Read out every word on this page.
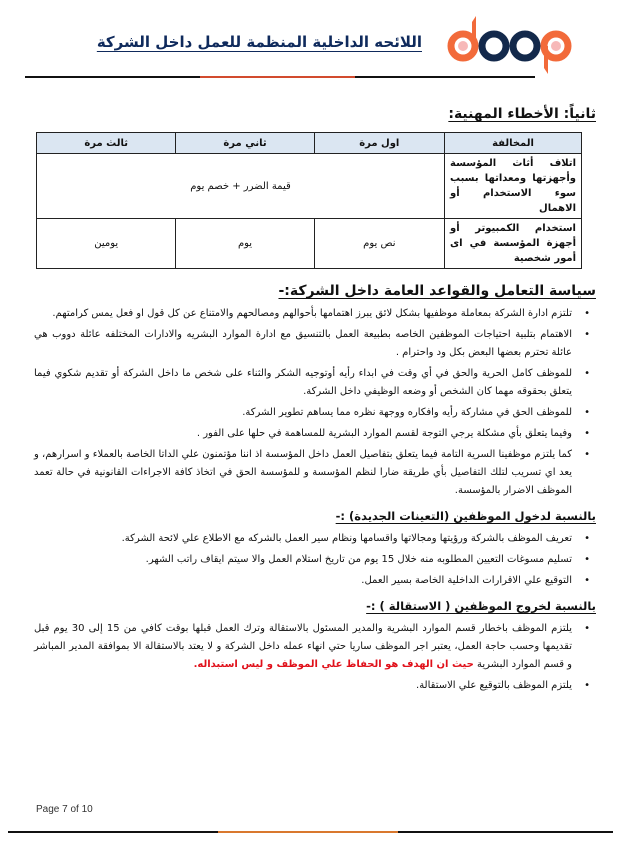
اللائحه الداخلية المنظمة للعمل داخل الشركة
ثانياً: الأخطاء المهنية:
المخالفة	اول مرة	ثاني مرة	ثالث مرة
اتلاف أثاث المؤسسة وأجهزتها ومعداتها بسبب سوء الاستخدام أو الاهمال	قيمة الضرر + خصم يوم		
استخدام الكمبيوتر أو أجهزة المؤسسة في اى أمور شخصية	نص يوم	يوم	يومين
سياسة التعامل والقواعد العامة داخل الشركة:-
• تلتزم ادارة الشركة بمعاملة موظفيها بشكل لائق يبرز اهتمامها بأحوالهم ومصالحهم والامتناع عن كل قول او فعل يمس كرامتهم.
• الاهتمام بتلبية احتياجات الموظفين الخاصه بطبيعة العمل بالتنسيق مع ادارة الموارد البشريه والادارات المختلفه عائلة دووب هي عائلة تحترم بعضها البعض بكل ود واحترام .
• للموظف كامل الحرية والحق في أي وقت في ابداء رأيه أوتوجيه الشكر والثناء على شخص ما داخل الشركة أو تقديم شكوي فيما يتعلق بحقوقه مهما كان الشخص أو وضعه الوظيفي داخل الشركة.
• للموظف الحق في مشاركة رأيه وافكاره ووجهة نظره مما يساهم تطوير الشركة.
• وفيما يتعلق بأي مشكلة يرجي التوجة لقسم الموارد البشرية للمساهمة في حلها على الفور .
• كما يلتزم موظفينا السرية التامة فيما يتعلق بتفاصيل العمل داخل المؤسسة اذ اننا مؤتمنون علي الداتا الخاصة بالعملاء و اسرارهم، و يعد اي تسريب لتلك التفاصيل بأي طريقة ضارا لنظم المؤسسة و للمؤسسة الحق في اتخاذ كافة الاجراءات القانونية في حالة تعمد الموظف الاضرار بالمؤسسة.
بالنسبة لدخول الموظفين (التعينات الجديدة) :-
• تعريف الموظف بالشركة ورؤيتها ومجالاتها واقسامها ونظام سير العمل بالشركه مع الاطلاع علي لائحة الشركة.
• تسليم مسوغات التعيين المطلوبه منه خلال 15 يوم من تاريخ استلام العمل والا سيتم ايقاف راتب الشهر.
• التوقيع علي الاقرارات الداخلية الخاصة بسير العمل.
بالنسبة لخروج الموظفين ( الاستقالة ) :-
• يلتزم الموظف باخطار قسم الموارد البشرية والمدير المسئول بالاستقالة وترك العمل قبلها بوقت كافي من 15 إلى 30 يوم قبل تقديمها وحسب حاجة العمل، يعتبر اجر الموظف ساريا حتي انهاء عمله داخل الشركة و لا يعتد بالاستقالة الا بموافقة المدير المباشر و قسم الموارد البشرية حيث ان الهدف هو الحفاظ علي الموظف و ليس استبداله.
• يلتزم الموظف بالتوقيع علي الاستقالة.
Page 7 of 10
